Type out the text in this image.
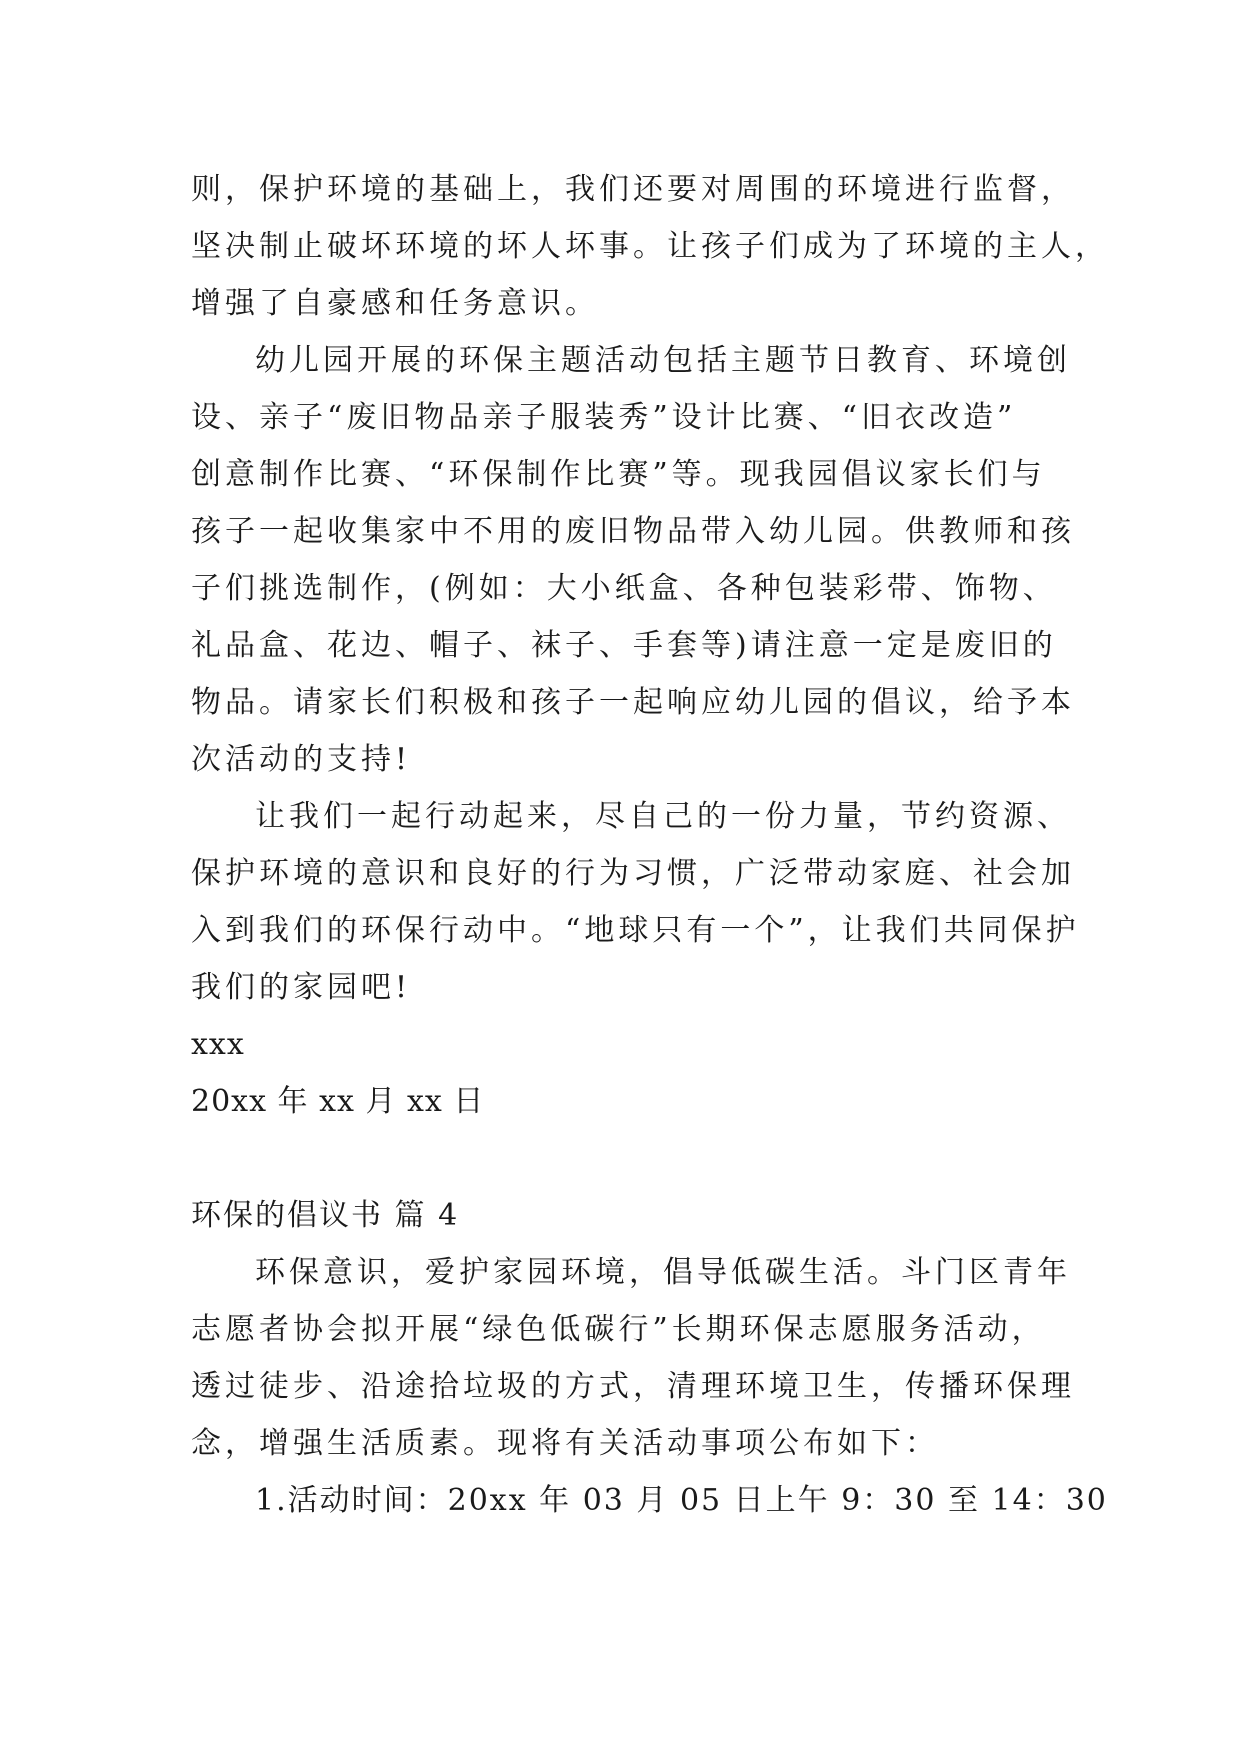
则，保护环境的基础上，我们还要对周围的环境进行监督，
坚决制止破坏环境的坏人坏事。让孩子们成为了环境的主人，
增强了自豪感和任务意识。
幼儿园开展的环保主题活动包括主题节日教育、环境创
设、亲子“废旧物品亲子服装秀”设计比赛、“旧衣改造”
创意制作比赛、“环保制作比赛”等。现我园倡议家长们与
孩子一起收集家中不用的废旧物品带入幼儿园。供教师和孩
子们挑选制作，(例如：大小纸盒、各种包装彩带、饰物、
礼品盒、花边、帽子、袜子、手套等)请注意一定是废旧的
物品。请家长们积极和孩子一起响应幼儿园的倡议，给予本
次活动的支持!
让我们一起行动起来，尽自己的一份力量，节约资源、
保护环境的意识和良好的行为习惯，广泛带动家庭、社会加
入到我们的环保行动中。“地球只有一个”，让我们共同保护
我们的家园吧!
xxx
20xx 年 xx 月 xx 日
环保的倡议书 篇 4
环保意识，爱护家园环境，倡导低碳生活。斗门区青年
志愿者协会拟开展“绿色低碳行”长期环保志愿服务活动，
透过徒步、沿途拾垃圾的方式，清理环境卫生，传播环保理
念，增强生活质素。现将有关活动事项公布如下：
1.活动时间：20xx 年 03 月 05 日上午 9：30 至 14：30
